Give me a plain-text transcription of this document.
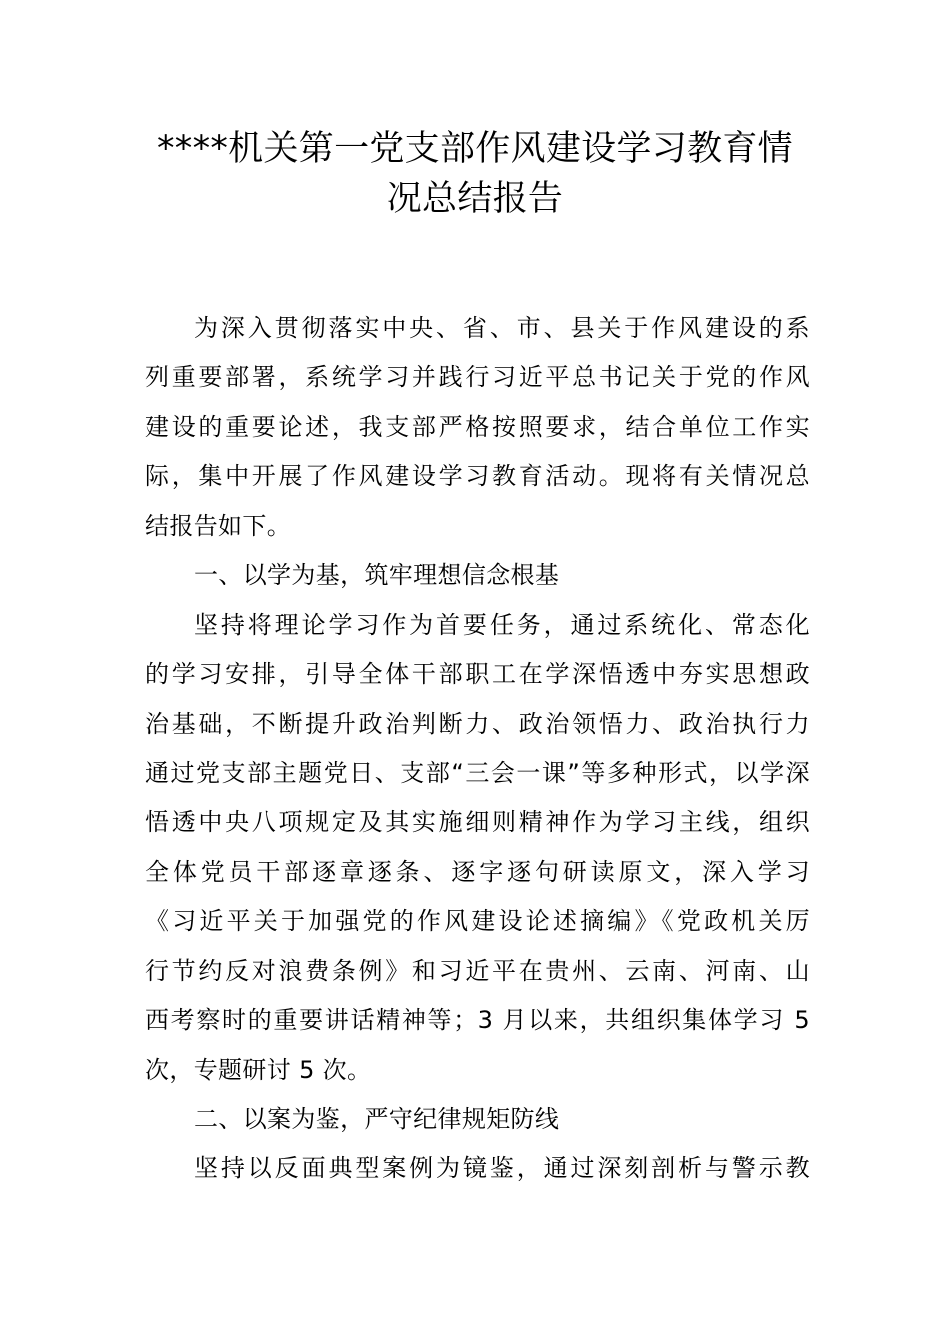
****机关第一党支部作风建设学习教育情
况总结报告
为深入贯彻落实中央、省、市、县关于作风建设的系
列重要部署，系统学习并践行习近平总书记关于党的作风
建设的重要论述，我支部严格按照要求，结合单位工作实
际，集中开展了作风建设学习教育活动。现将有关情况总
结报告如下。
一、以学为基，筑牢理想信念根基
坚持将理论学习作为首要任务，通过系统化、常态化
的学习安排，引导全体干部职工在学深悟透中夯实思想政
治基础，不断提升政治判断力、政治领悟力、政治执行力
通过党支部主题党日、支部“三会一课”等多种形式，以学深
悟透中央八项规定及其实施细则精神作为学习主线，组织
全体党员干部逐章逐条、逐字逐句研读原文，深入学习
《习近平关于加强党的作风建设论述摘编》《党政机关厉
行节约反对浪费条例》和习近平在贵州、云南、河南、山
西考察时的重要讲话精神等；3 月以来，共组织集体学习 5
次，专题研讨 5 次。
二、以案为鉴，严守纪律规矩防线
坚持以反面典型案例为镜鉴，通过深刻剖析与警示教
